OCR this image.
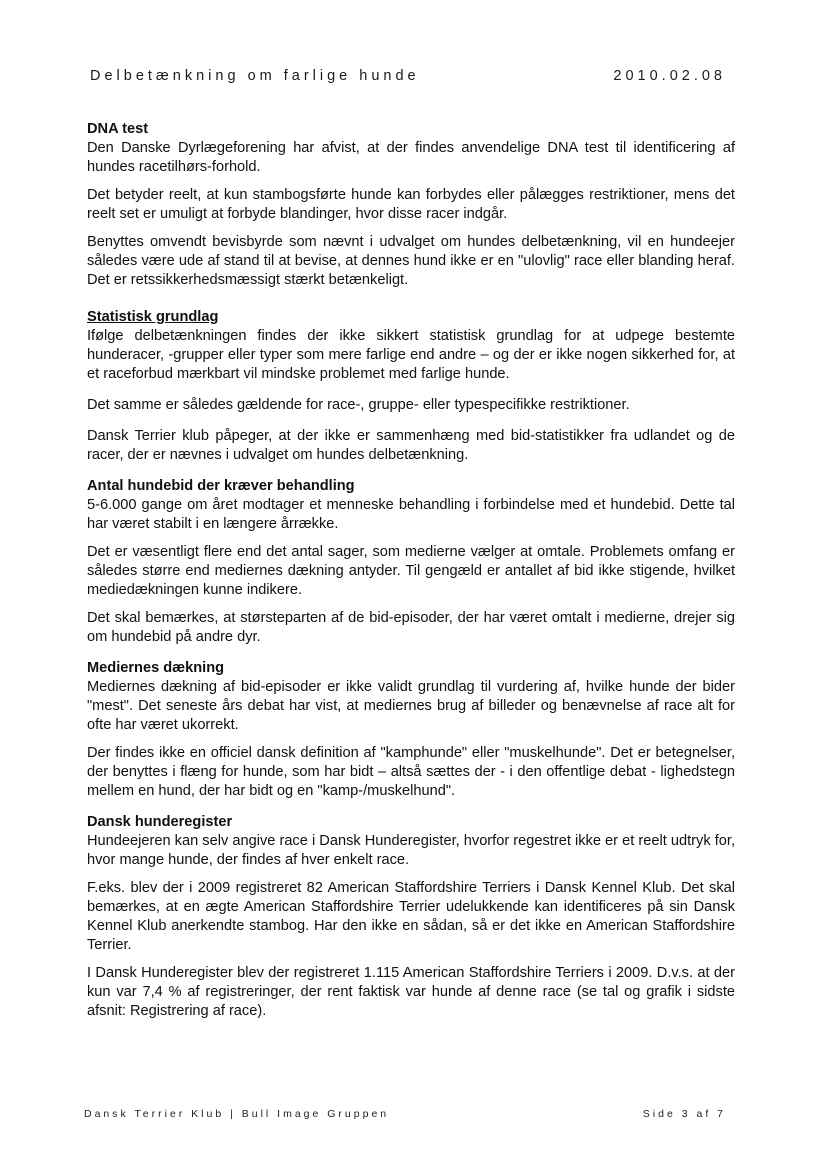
Delbetænkning om farlige hunde	2010.02.08
DNA test

Den Danske Dyrlægeforening har afvist, at der findes anvendelige DNA test til identificering af hundes racetilhørs-forhold.

Det betyder reelt, at kun stambogsførte hunde kan forbydes eller pålægges restriktioner, mens det reelt set er umuligt at forbyde blandinger, hvor disse racer indgår.

Benyttes omvendt bevisbyrde som nævnt i udvalget om hundes delbetænkning, vil en hundeejer således være ude af stand til at bevise, at dennes hund ikke er en "ulovlig" race eller blanding heraf. Det er retssikkerhedsmæssigt stærkt betænkeligt.

Statistisk grundlag

Ifølge delbetænkningen findes der ikke sikkert statistisk grundlag for at udpege bestemte hunderacer, -grupper eller typer som mere farlige end andre – og der er ikke nogen sikkerhed for, at et raceforbud mærkbart vil mindske problemet med farlige hunde.

Det samme er således gældende for race-, gruppe- eller typespecifikke restriktioner.

Dansk Terrier klub påpeger, at der ikke er sammenhæng med bid-statistikker fra udlandet og de racer, der er nævnes i udvalget om hundes delbetænkning.

Antal hundebid der kræver behandling

5-6.000 gange om året modtager et menneske behandling i forbindelse med et hundebid. Dette tal har været stabilt i en længere årrække.

Det er væsentligt flere end det antal sager, som medierne vælger at omtale. Problemets omfang er således større end mediernes dækning antyder. Til gengæld er antallet af bid ikke stigende, hvilket mediedækningen kunne indikere.

Det skal bemærkes, at størsteparten af de bid-episoder, der har været omtalt i medierne, drejer sig om hundebid på andre dyr.

Mediernes dækning

Mediernes dækning af bid-episoder er ikke validt grundlag til vurdering af, hvilke hunde der bider "mest". Det seneste års debat har vist, at mediernes brug af billeder og benævnelse af race alt for ofte har været ukorrekt.

Der findes ikke en officiel dansk definition af "kamphunde" eller "muskelhunde". Det er betegnelser, der benyttes i flæng for hunde, som har bidt – altså sættes der - i den offentlige debat - lighedstegn mellem en hund, der har bidt og en "kamp-/muskelhund".

Dansk hunderegister

Hundeejeren kan selv angive race i Dansk Hunderegister, hvorfor regestret ikke er et reelt udtryk for, hvor mange hunde, der findes af hver enkelt race.

F.eks. blev der i 2009 registreret 82 American Staffordshire Terriers i Dansk Kennel Klub. Det skal bemærkes, at en ægte American Staffordshire Terrier udelukkende kan identificeres på sin Dansk Kennel Klub anerkendte stambog. Har den ikke en sådan, så er det ikke en American Staffordshire Terrier.

I Dansk Hunderegister blev der registreret 1.115 American Staffordshire Terriers i 2009. D.v.s. at der kun var 7,4 % af registreringer, der rent faktisk var hunde af denne race (se tal og grafik i sidste afsnit: Registrering af race).

Dansk Terrier Klub | Bull Image Gruppen	Side 3 af 7
